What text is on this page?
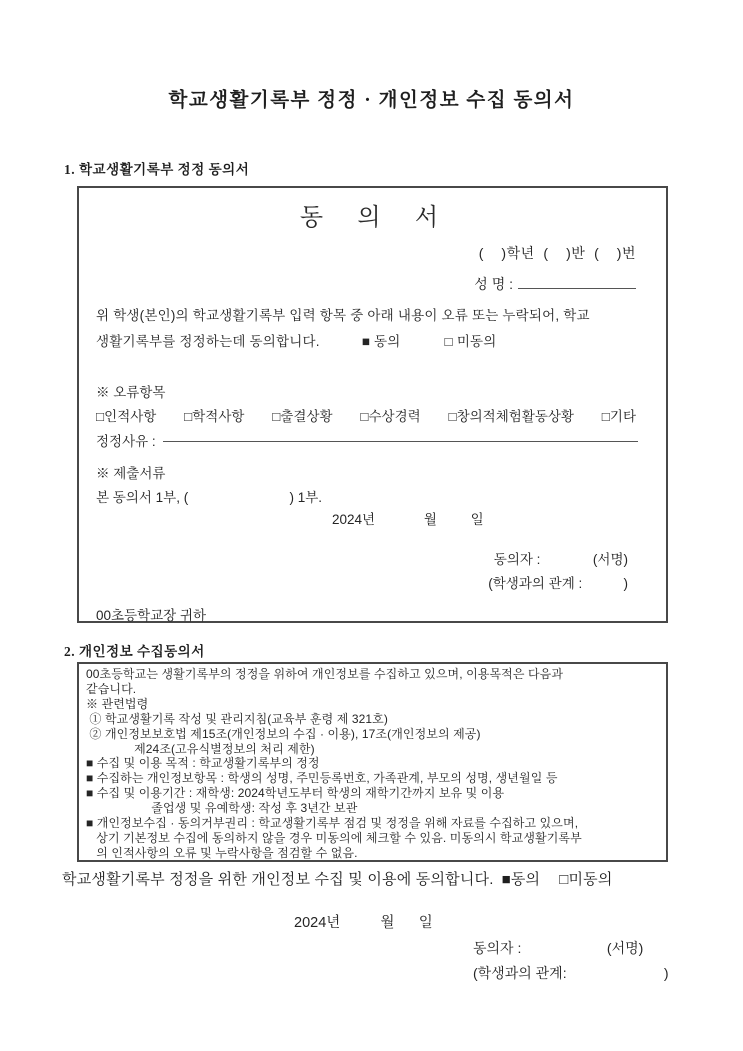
학교생활기록부 정정 · 개인정보 수집 동의서
1. 학교생활기록부 정정 동의서
동  의  서
(    )학년  (    )반  (    )번
성 명 :
위 학생(본인)의 학교생활기록부 입력 항목 중 아래 내용이 오류 또는 누락되어, 학교
생활기록부를 정정하는데 동의합니다.	■ 동의	□ 미동의
※ 오류항목
□인적사항 □학적사항 □출결상황 □수상경력 □창의적체험활동상황 □기타
정정사유 :
※ 제출서류
본 동의서 1부, (                           ) 1부.
2024년             월         일
동의자 :              (서명)
(학생과의 관계 :           )
00초등학교장 귀하
2. 개인정보 수집동의서
00초등학교는 생활기록부의 정정을 위하여 개인정보를 수집하고 있으며, 이용목적은 다음과
같습니다.
※ 관련법령
① 학교생활기록 작성 및 관리지침(교육부 훈령 제 321호)
② 개인정보보호법 제15조(개인정보의 수집 · 이용), 17조(개인정보의 제공)
제24조(고유식별정보의 처리 제한)
■ 수집 및 이용 목적 : 학교생활기록부의 정정
■ 수집하는 개인정보항목 : 학생의 성명, 주민등록번호, 가족관계, 부모의 성명, 생년월일 등
■ 수집 및 이용기간 : 재학생: 2024학년도부터 학생의 재학기간까지 보유 및 이용
졸업생 및 유예학생: 작성 후 3년간 보관
■ 개인정보수집 · 동의거부권리 : 학교생활기록부 점검 및 정정을 위해 자료를 수집하고 있으며,
상기 기본정보 수집에 동의하지 않을 경우 미동의에 체크할 수 있음. 미동의시 학교생활기록부
의 인적사항의 오류 및 누락사항을 점검할 수 없음.
학교생활기록부 정정을 위한 개인정보 수집 및 이용에 동의합니다. ■동의 □미동의
2024년          월      일
동의자 :                      (서명)
(학생과의 관계:                         )
